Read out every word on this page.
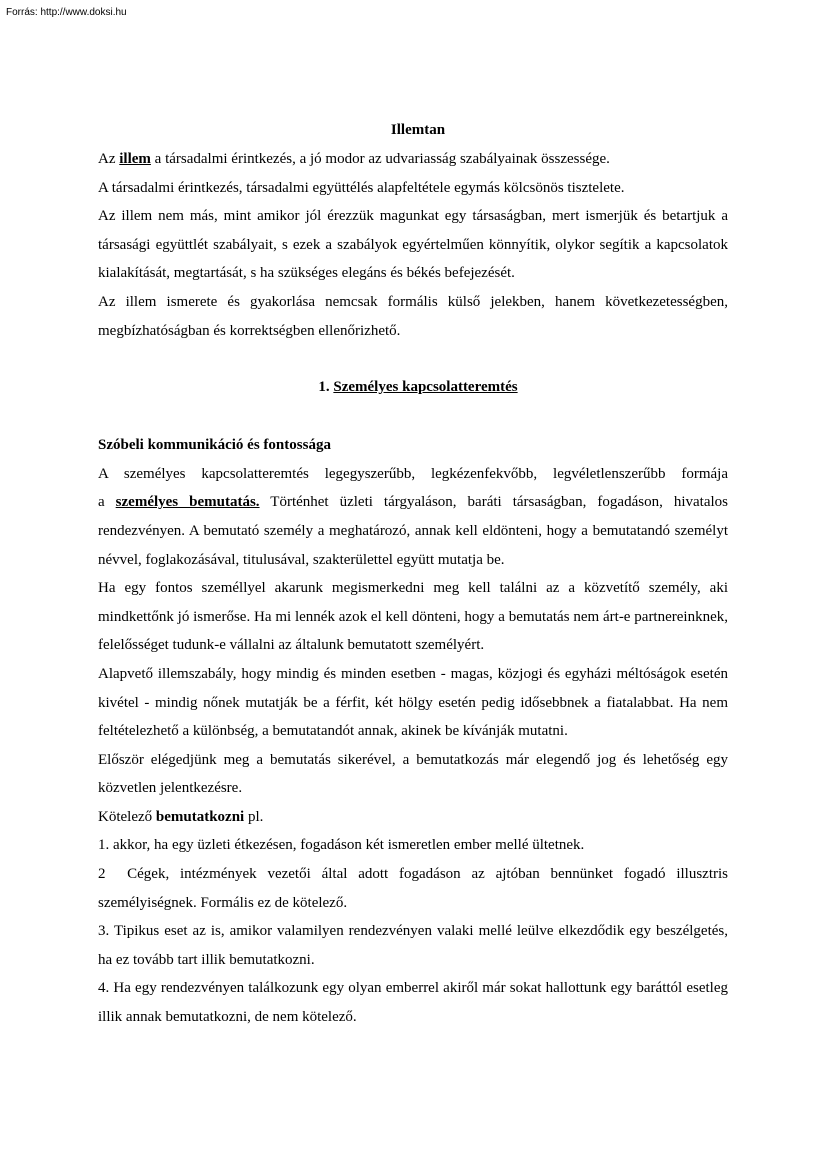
Forrás: http://www.doksi.hu
Illemtan

Az illem a társadalmi érintkezés, a jó modor az udvariasság szabályainak összessége.

A társadalmi érintkezés, társadalmi együttélés alapfeltétele egymás kölcsönös tisztelete.

Az illem nem más, mint amikor jól érezzük magunkat egy társaságban, mert ismerjük és betartjuk a társasági együttlét szabályait, s ezek a szabályok egyértelműen könnyítik, olykor segítik a kapcsolatok kialakítását, megtartását, s ha szükséges elegáns és békés befejezését.

Az illem ismerete és gyakorlása nemcsak formális külső jelekben, hanem következetességben, megbízhatóságban és korrektségben ellenőrizhető.

1. Személyes kapcsolatteremtés

Szóbeli kommunikáció és fontossága

A személyes kapcsolatteremtés legegyszerűbb, legkézenfekvőbb, legvéletlenszerűbb formája

a személyes bemutatás. Történhet üzleti tárgyaláson, baráti társaságban, fogadáson, hivatalos rendezvényen. A bemutató személy a meghatározó, annak kell eldönteni, hogy a bemutatandó személyt névvel, foglakozásával, titulusával, szakterülettel együtt mutatja be.

Ha egy fontos személlyel akarunk megismerkedni meg kell találni az a közvetítő személy, aki mindkettőnk jó ismerőse. Ha mi lennék azok el kell dönteni, hogy a bemutatás nem árt-e partnereinknek, felelősséget tudunk-e vállalni az általunk bemutatott személyért.

Alapvető illemszabály, hogy mindig és minden esetben - magas, közjogi és egyházi méltóságok esetén kivétel - mindig nőnek mutatják be a férfit, két hölgy esetén pedig idősebbnek a fiatalabbat. Ha nem feltételezhető a különbség, a bemutatandót annak, akinek be kívánják mutatni.

Először elégedjünk meg a bemutatás sikerével, a bemutatkozás már elegendő jog és lehetőség egy közvetlen jelentkezésre.

Kötelező bemutatkozni pl.

1. akkor, ha egy üzleti étkezésen, fogadáson két ismeretlen ember mellé ültetnek.

2  Cégek, intézmények vezetői által adott fogadáson az ajtóban bennünket fogadó illusztris személyiségnek. Formális ez de kötelező.

3. Tipikus eset az is, amikor valamilyen rendezvényen valaki mellé leülve elkezdődik egy beszélgetés, ha ez tovább tart illik bemutatkozni.

4. Ha egy rendezvényen találkozunk egy olyan emberrel akiről már sokat hallottunk egy baráttól esetleg illik annak bemutatkozni, de nem kötelező.
